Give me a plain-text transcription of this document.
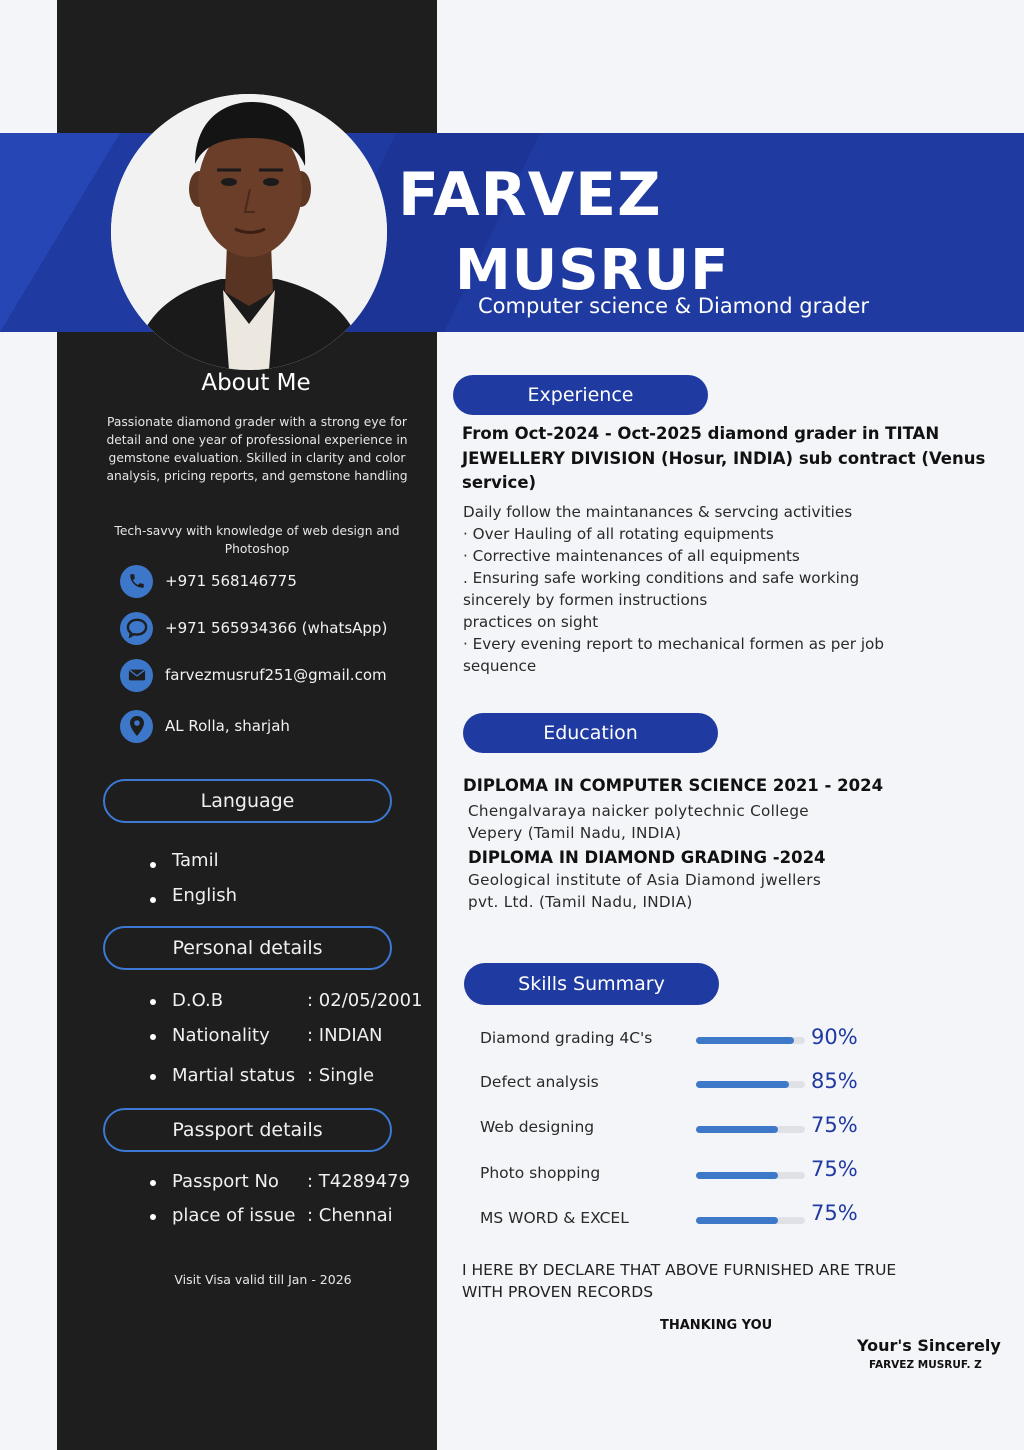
FARVEZ
MUSRUF
Computer science & Diamond grader
About Me
Passionate diamond grader with a strong eye for detail and one year of professional experience in gemstone evaluation. Skilled in clarity and color analysis, pricing reports, and gemstone handling
Tech-savvy with knowledge of web design and Photoshop
+971 568146775
+971 565934366 (whatsApp)
farvezmusruf251@gmail.com
AL Rolla, sharjah
Language
Tamil
English
Personal details
D.O.B	: 02/05/2001
Nationality : INDIAN
Martial status : Single
Passport details
Passport No : T4289479
place of issue : Chennai
Visit Visa valid till Jan - 2026
Experience
From Oct-2024 - Oct-2025 diamond grader in TITAN JEWELLERY DIVISION (Hosur, INDIA) sub contract (Venus service)
Daily follow the maintanances & servcing activities
· Over Hauling of all rotating equipments
· Corrective maintenances of all equipments
. Ensuring safe working conditions and safe working
sincerely by formen instructions
practices on sight
· Every evening report to mechanical formen as per job
sequence
Education
DIPLOMA IN COMPUTER SCIENCE 2021 - 2024
Chengalvaraya naicker polytechnic College
Vepery (Tamil Nadu, INDIA)
DIPLOMA IN DIAMOND GRADING -2024
Geological institute of Asia Diamond jwellers
pvt. Ltd. (Tamil Nadu, INDIA)
Skills Summary
Diamond grading 4C's	90%
Defect analysis	85%
Web designing	75%
Photo shopping	75%
MS WORD & EXCEL	75%
I HERE BY DECLARE THAT ABOVE FURNISHED ARE TRUE
WITH PROVEN RECORDS
THANKING YOU
Your's Sincerely
FARVEZ MUSRUF. Z
